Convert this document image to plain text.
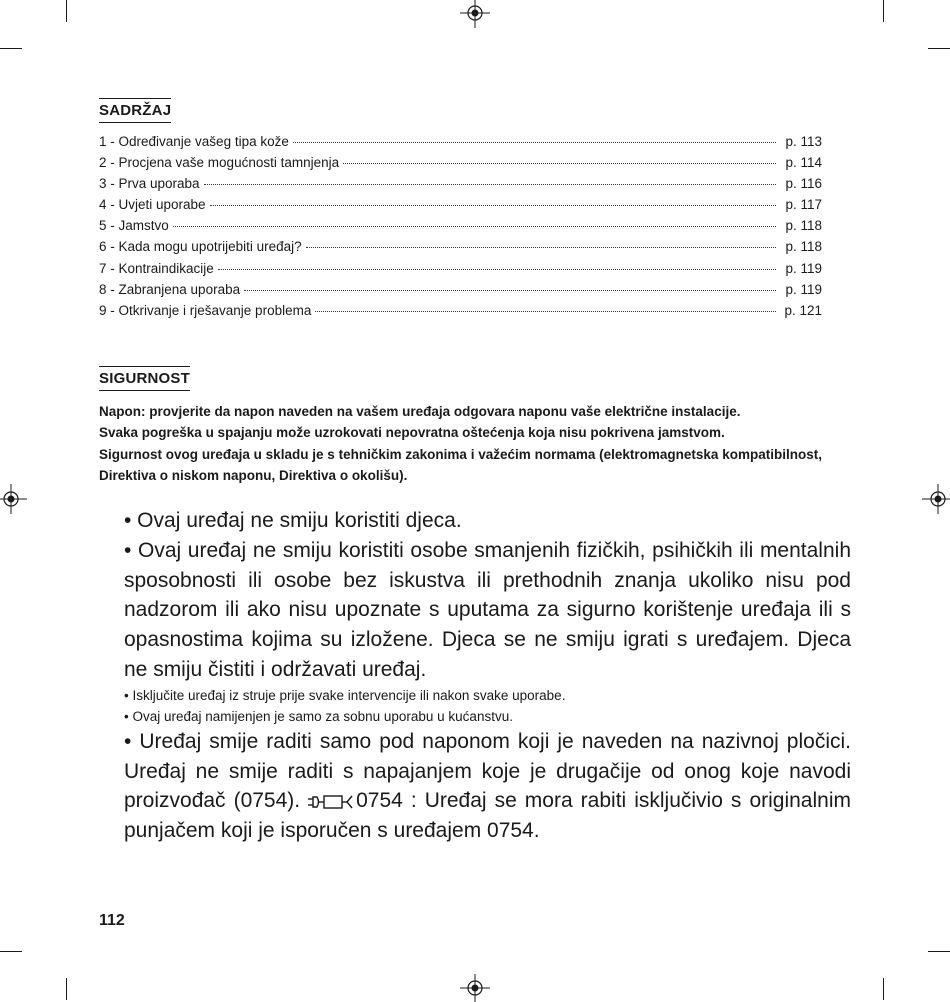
SADRŽAJ
1 - Određivanje vašeg tipa kože	p. 113
2 - Procjena vaše mogućnosti tamnjenja	p. 114
3 - Prva uporaba	p. 116
4 - Uvjeti uporabe	p. 117
5 - Jamstvo	p. 118
6 - Kada mogu upotrijebiti uređaj?	p. 118
7 - Kontraindikacije	p. 119
8 - Zabranjena uporaba	p. 119
9 - Otkrivanje i rješavanje problema	p. 121
SIGURNOST

Napon: provjerite da napon naveden na vašem uređaja odgovara naponu vaše električne instalacije.

Svaka pogreška u spajanju može uzrokovati nepovratna oštećenja koja nisu pokrivena jamstvom.

Sigurnost ovog uređaja u skladu je s tehničkim zakonima i važećim normama (elektromagnetska kompatibilnost, Direktiva o niskom naponu, Direktiva o okolišu).

• Ovaj uređaj ne smiju koristiti djeca.

• Ovaj uređaj ne smiju koristiti osobe smanjenih fizičkih, psihičkih ili mentalnih sposobnosti ili osobe bez iskustva ili prethodnih znanja ukoliko nisu pod nadzorom ili ako nisu upoznate s uputama za sigurno korištenje uređaja ili s opasnostima kojima su izložene. Djeca se ne smiju igrati s uređajem. Djeca ne smiju čistiti i održavati uređaj.

• Isključite uređaj iz struje prije svake intervencije ili nakon svake uporabe.

• Ovaj uređaj namijenjen je samo za sobnu uporabu u kućanstvu.

• Uređaj smije raditi samo pod naponom koji je naveden na nazivnoj pločici. Uređaj ne smije raditi s napajanjem koje je drugačije od onog koje navodi proizvođač (0754).	0754 : Uređaj se mora rabiti isključivio s originalnim punjačem koji je isporučen s uređajem 0754.

112
